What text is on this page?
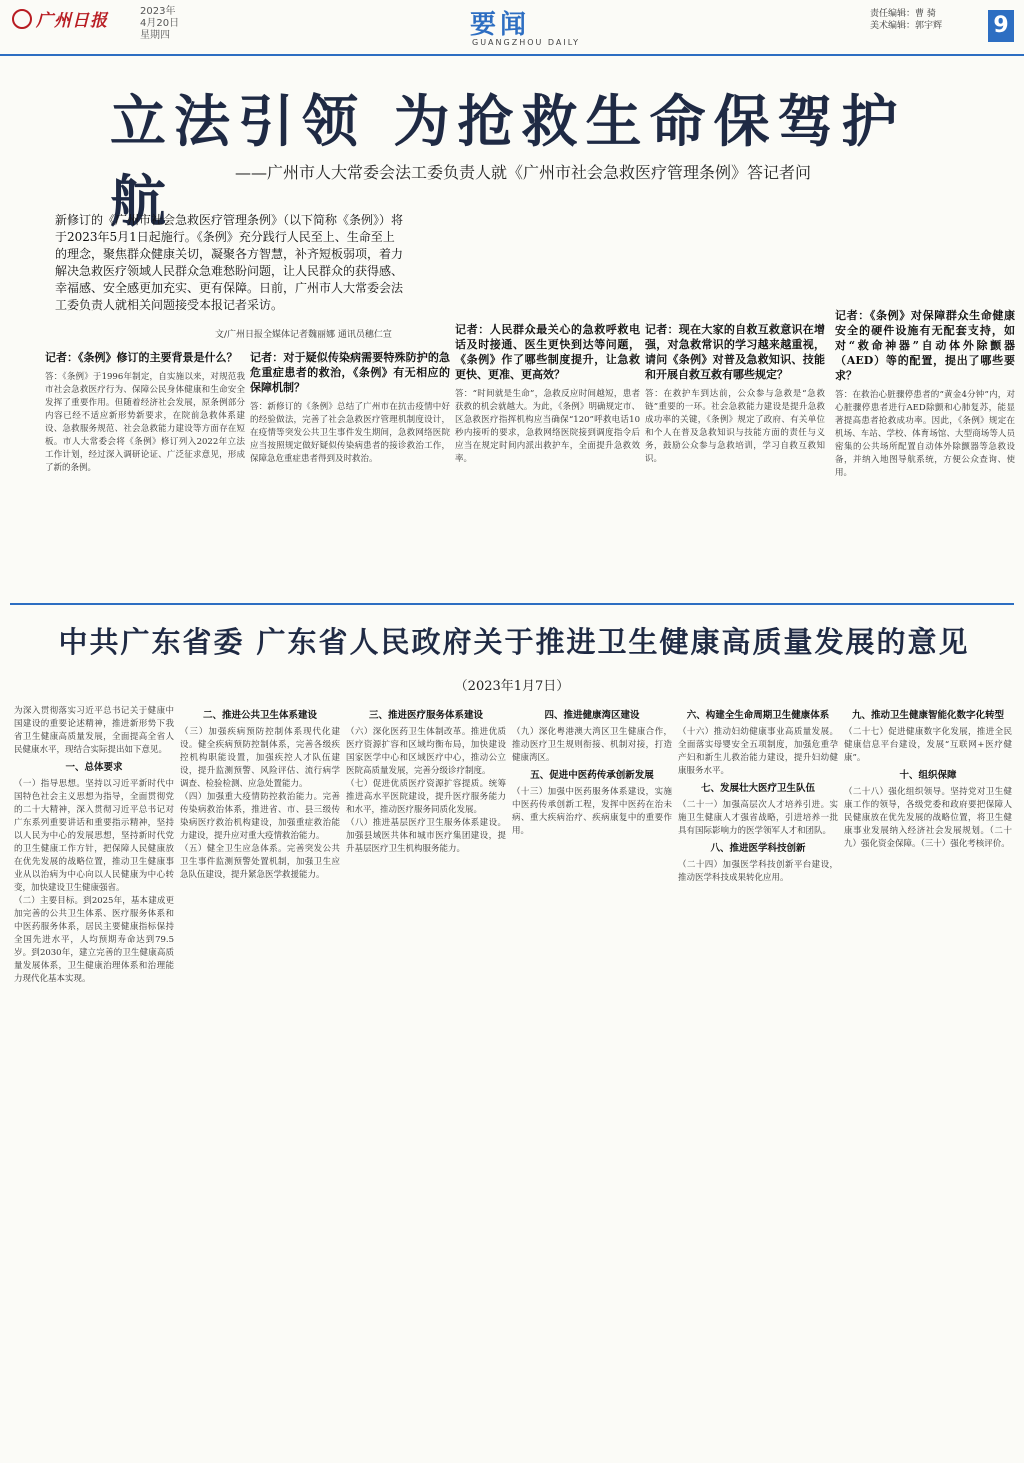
广州日报	2023年
4月20日
星期四	要闻
GUANGZHOU DAILY
责任编辑：曹 骑
美术编辑：郭宇辉 9
立法引领 为抢救生命保驾护航	——广州市人大常委会法工委负责人就《广州市社会急救医疗管理条例》答记者问
新修订的《广州市社会急救医疗管理条例》（以下简称《条例》）将于2023年5月1日起施行。《条例》充分践行人民至上、生命至上的理念，聚焦群众健康关切，凝聚各方智慧，补齐短板弱项，着力解决急救医疗领域人民群众急难愁盼问题，让人民群众的获得感、幸福感、安全感更加充实、更有保障。日前，广州市人大常委会法工委负责人就相关问题接受本报记者采访。
文/广州日报全媒体记者魏丽娜 通讯员穗仁宣
记者：《条例》修订的主要背景是什么？
答：《条例》于1996年制定，自实施以来，对规范我市社会急救医疗行为、保障公民身体健康和生命安全发挥了重要作用。但随着经济社会发展，原条例部分内容已经不适应新形势新要求，在院前急救体系建设、急救服务规范、社会急救能力建设等方面存在短板。市人大常委会将《条例》修订列入2022年立法工作计划，经过深入调研论证、广泛征求意见，形成了新的条例。
记者：对于疑似传染病需要特殊防护的急危重症患者的救治，《条例》有无相应的保障机制？
答：新修订的《条例》总结了广州市在抗击疫情中好的经验做法，完善了社会急救医疗管理机制度设计，在疫情等突发公共卫生事件发生期间，急救网络医院应当按照规定做好疑似传染病患者的接诊救治工作，保障急危重症患者得到及时救治。
记者：人民群众最关心的急救呼救电话及时接通、医生更快到达等问题，《条例》作了哪些制度提升，让急救更快、更准、更高效？
答：“时间就是生命”，急救反应时间越短，患者获救的机会就越大。为此，《条例》明确规定市、区急救医疗指挥机构应当确保“120”呼救电话10秒内接听的要求，急救网络医院接到调度指令后应当在规定时间内派出救护车，全面提升急救效率。
记者：现在大家的自救互救意识在增强，对急救常识的学习越来越重视，请问《条例》对普及急救知识、技能和开展自救互救有哪些规定？
答：在救护车到达前，公众参与急救是“急救链”重要的一环。社会急救能力建设是提升急救成功率的关键，《条例》规定了政府、有关单位和个人在普及急救知识与技能方面的责任与义务，鼓励公众参与急救培训，学习自救互救知识。
记者：《条例》对保障群众生命健康安全的硬件设施有无配套支持，如对“救命神器”自动体外除颤器（AED）等的配置，提出了哪些要求？
答：在救治心脏骤停患者的“黄金4分钟”内，对心脏骤停患者进行AED除颤和心肺复苏，能显著提高患者抢救成功率。因此，《条例》规定在机场、车站、学校、体育场馆、大型商场等人员密集的公共场所配置自动体外除颤器等急救设备，并纳入地图导航系统，方便公众查询、使用。
中共广东省委 广东省人民政府关于推进卫生健康高质量发展的意见
（2023年1月7日）
为深入贯彻落实习近平总书记关于健康中国建设的重要论述精神，推进新形势下我省卫生健康高质量发展，全面提高全省人民健康水平，现结合实际提出如下意见。
一、总体要求
（一）指导思想。坚持以习近平新时代中国特色社会主义思想为指导，全面贯彻党的二十大精神，深入贯彻习近平总书记对广东系列重要讲话和重要指示精神，坚持以人民为中心的发展思想，坚持新时代党的卫生健康工作方针，把保障人民健康放在优先发展的战略位置，推动卫生健康事业从以治病为中心向以人民健康为中心转变，加快建设卫生健康强省。
（二）主要目标。到2025年，基本建成更加完善的公共卫生体系、医疗服务体系和中医药服务体系，居民主要健康指标保持全国先进水平，人均预期寿命达到79.5岁。到2030年，建立完善的卫生健康高质量发展体系，卫生健康治理体系和治理能力现代化基本实现。
二、推进公共卫生体系建设
（三）加强疾病预防控制体系现代化建设。健全疾病预防控制体系，完善各级疾控机构职能设置，加强疾控人才队伍建设，提升监测预警、风险评估、流行病学调查、检验检测、应急处置能力。
（四）加强重大疫情防控救治能力。完善传染病救治体系，推进省、市、县三级传染病医疗救治机构建设，加强重症救治能力建设，提升应对重大疫情救治能力。
（五）健全卫生应急体系。完善突发公共卫生事件监测预警处置机制，加强卫生应急队伍建设，提升紧急医学救援能力。
三、推进医疗服务体系建设
（六）深化医药卫生体制改革。推进优质医疗资源扩容和区域均衡布局，加快建设国家医学中心和区域医疗中心，推动公立医院高质量发展，完善分级诊疗制度。
（七）促进优质医疗资源扩容提质。统筹推进高水平医院建设，提升医疗服务能力和水平，推动医疗服务同质化发展。
（八）推进基层医疗卫生服务体系建设。加强县域医共体和城市医疗集团建设，提升基层医疗卫生机构服务能力。
四、推进健康湾区建设
（九）深化粤港澳大湾区卫生健康合作，推动医疗卫生规则衔接、机制对接，打造健康湾区。
五、促进中医药传承创新发展
（十三）加强中医药服务体系建设，实施中医药传承创新工程，发挥中医药在治未病、重大疾病治疗、疾病康复中的重要作用。
六、构建全生命周期卫生健康体系
（十六）推动妇幼健康事业高质量发展。全面落实母婴安全五项制度，加强危重孕产妇和新生儿救治能力建设，提升妇幼健康服务水平。
七、发展壮大医疗卫生队伍
（二十一）加强高层次人才培养引进。实施卫生健康人才强省战略，引进培养一批具有国际影响力的医学领军人才和团队。
八、推进医学科技创新
（二十四）加强医学科技创新平台建设，推动医学科技成果转化应用。
九、推动卫生健康智能化数字化转型
（二十七）促进健康数字化发展，推进全民健康信息平台建设，发展“互联网+医疗健康”。
十、组织保障
（二十八）强化组织领导。坚持党对卫生健康工作的领导，各级党委和政府要把保障人民健康放在优先发展的战略位置，将卫生健康事业发展纳入经济社会发展规划。（二十九）强化资金保障。（三十）强化考核评价。
